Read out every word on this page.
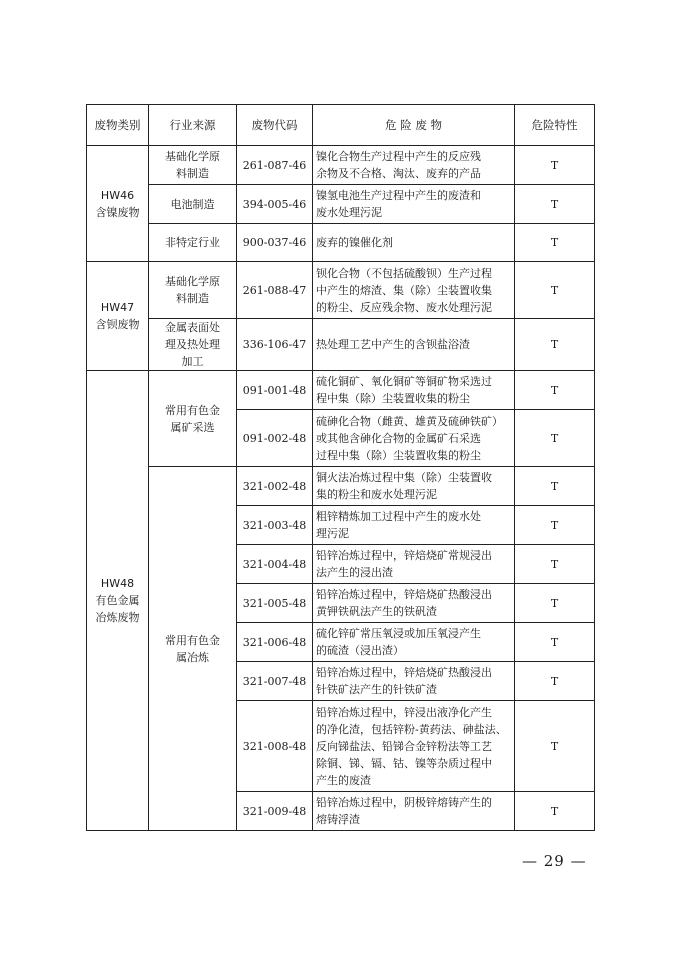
废物类别	行业来源	废物代码	危 险 废 物	危险特性
HW46
含镍废物	基础化学原
料制造	261-087-46	镍化合物生产过程中产生的反应残
余物及不合格、淘汰、废弃的产品	T
	电池制造	394-005-46	镍氢电池生产过程中产生的废渣和
废水处理污泥	T
	非特定行业	900-037-46	废弃的镍催化剂	T
HW47
含钡废物	基础化学原
料制造	261-088-47	钡化合物（不包括硫酸钡）生产过程
中产生的熔渣、集（除）尘装置收集
的粉尘、反应残余物、废水处理污泥	T
	金属表面处
理及热处理
加工	336-106-47	热处理工艺中产生的含钡盐浴渣	T
HW48
有色金属
冶炼废物	常用有色金
属矿采选	091-001-48	硫化铜矿、氧化铜矿等铜矿物采选过
程中集（除）尘装置收集的粉尘	T
		091-002-48	硫砷化合物（雌黄、雄黄及硫砷铁矿）
或其他含砷化合物的金属矿石采选
过程中集（除）尘装置收集的粉尘	T
	常用有色金
属冶炼	321-002-48	铜火法冶炼过程中集（除）尘装置收
集的粉尘和废水处理污泥	T
		321-003-48	粗锌精炼加工过程中产生的废水处
理污泥	T
		321-004-48	铅锌冶炼过程中，锌焙烧矿常规浸出
法产生的浸出渣	T
		321-005-48	铅锌冶炼过程中，锌焙烧矿热酸浸出
黄钾铁矾法产生的铁矾渣	T
		321-006-48	硫化锌矿常压氧浸或加压氧浸产生
的硫渣（浸出渣）	T
		321-007-48	铅锌冶炼过程中，锌焙烧矿热酸浸出
针铁矿法产生的针铁矿渣	T
		321-008-48	铅锌冶炼过程中，锌浸出液净化产生
的净化渣，包括锌粉-黄药法、砷盐法、
反向锑盐法、铅锑合金锌粉法等工艺
除铜、锑、镉、钴、镍等杂质过程中
产生的废渣	T
		321-009-48	铅锌冶炼过程中，阴极锌熔铸产生的
熔铸浮渣	T
— 29 —
